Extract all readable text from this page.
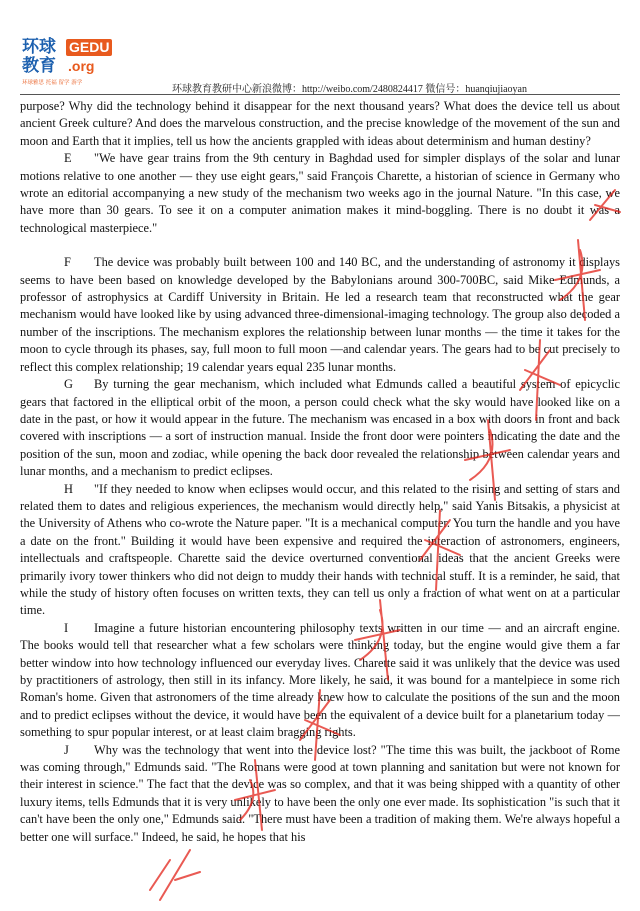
环球教育
GEDU
.org
环球雅思 托福 留学 游学
环球教育教研中心新浪微博：http://weibo.com/2480824417 微信号：huanqiujiaoyan

purpose? Why did the technology behind it disappear for the next thousand years? What does the device tell us about ancient Greek culture? And does the marvelous construction, and the precise knowledge of the movement of the sun and moon and Earth that it implies, tell us how the ancients grappled with ideas about determinism and human destiny?

E "We have gear trains from the 9th century in Baghdad used for simpler displays of the solar and lunar motions relative to one another — they use eight gears," said François Charette, a historian of science in Germany who wrote an editorial accompanying a new study of the mechanism two weeks ago in the journal Nature. "In this case, we have more than 30 gears. To see it on a computer animation makes it mind-boggling. There is no doubt it was a technological masterpiece."

F The device was probably built between 100 and 140 BC, and the understanding of astronomy it displays seems to have been based on knowledge developed by the Babylonians around 300-700BC, said Mike Edmunds, a professor of astrophysics at Cardiff University in Britain. He led a research team that reconstructed what the gear mechanism would have looked like by using advanced three-dimensional-imaging technology. The group also decoded a number of the inscriptions. The mechanism explores the relationship between lunar months — the time it takes for the moon to cycle through its phases, say, full moon to full moon —and calendar years. The gears had to be cut precisely to reflect this complex relationship; 19 calendar years equal 235 lunar months.

G By turning the gear mechanism, which included what Edmunds called a beautiful system of epicyclic gears that factored in the elliptical orbit of the moon, a person could check what the sky would have looked like on a date in the past, or how it would appear in the future. The mechanism was encased in a box with doors in front and back covered with inscriptions — a sort of instruction manual. Inside the front door were pointers indicating the date and the position of the sun, moon and zodiac, while opening the back door revealed the relationship between calendar years and lunar months, and a mechanism to predict eclipses.

H "If they needed to know when eclipses would occur, and this related to the rising and setting of stars and related them to dates and religious experiences, the mechanism would directly help," said Yanis Bitsakis, a physicist at the University of Athens who co-wrote the Nature paper. "It is a mechanical computer. You turn the handle and you have a date on the front." Building it would have been expensive and required the interaction of astronomers, engineers, intellectuals and craftspeople. Charette said the device overturned conventional ideas that the ancient Greeks were primarily ivory tower thinkers who did not deign to muddy their hands with technical stuff. It is a reminder, he said, that while the study of history often focuses on written texts, they can tell us only a fraction of what went on at a particular time.

I Imagine a future historian encountering philosophy texts written in our time — and an aircraft engine. The books would tell that researcher what a few scholars were thinking today, but the engine would give them a far better window into how technology influenced our everyday lives. Charette said it was unlikely that the device was used by practitioners of astrology, then still in its infancy. More likely, he said, it was bound for a mantelpiece in some rich Roman's home. Given that astronomers of the time already knew how to calculate the positions of the sun and the moon and to predict eclipses without the device, it would have been the equivalent of a device built for a planetarium today — something to spur popular interest, or at least claim bragging rights.

J Why was the technology that went into the device lost? "The time this was built, the jackboot of Rome was coming through," Edmunds said. "The Romans were good at town planning and sanitation but were not known for their interest in science." The fact that the device was so complex, and that it was being shipped with a quantity of other luxury items, tells Edmunds that it is very unlikely to have been the only one ever made. Its sophistication "is such that it can't have been the only one," Edmunds said. "There must have been a tradition of making them. We're always hopeful a better one will surface." Indeed, he said, he hopes that his
